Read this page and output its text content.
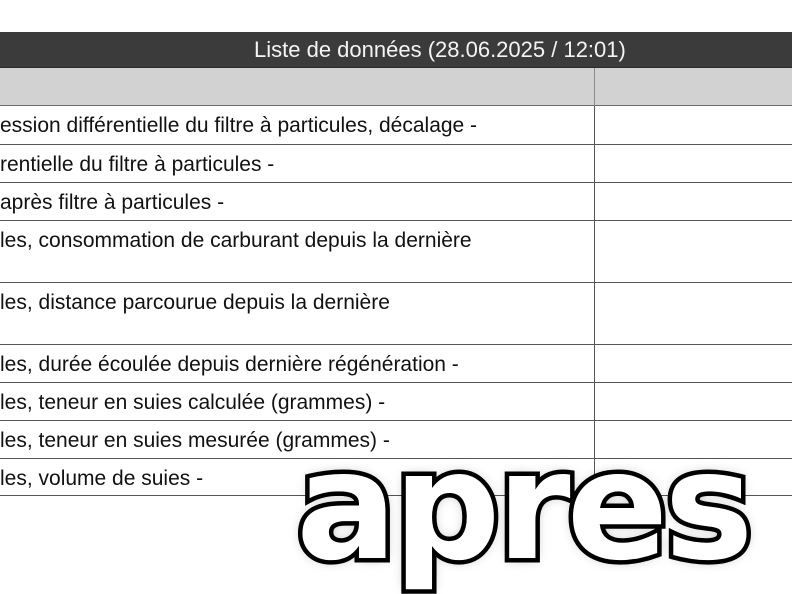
Liste de données (28.06.2025 / 12:01)
ession différentielle du filtre à particules, décalage -
rentielle du filtre à particules -
après filtre à particules -
les, consommation de carburant depuis la dernière
les, distance parcourue depuis la dernière
les, durée écoulée depuis dernière régénération -
les, teneur en suies calculée (grammes) -
les, teneur en suies mesurée (grammes) -
les, volume de suies - apres
